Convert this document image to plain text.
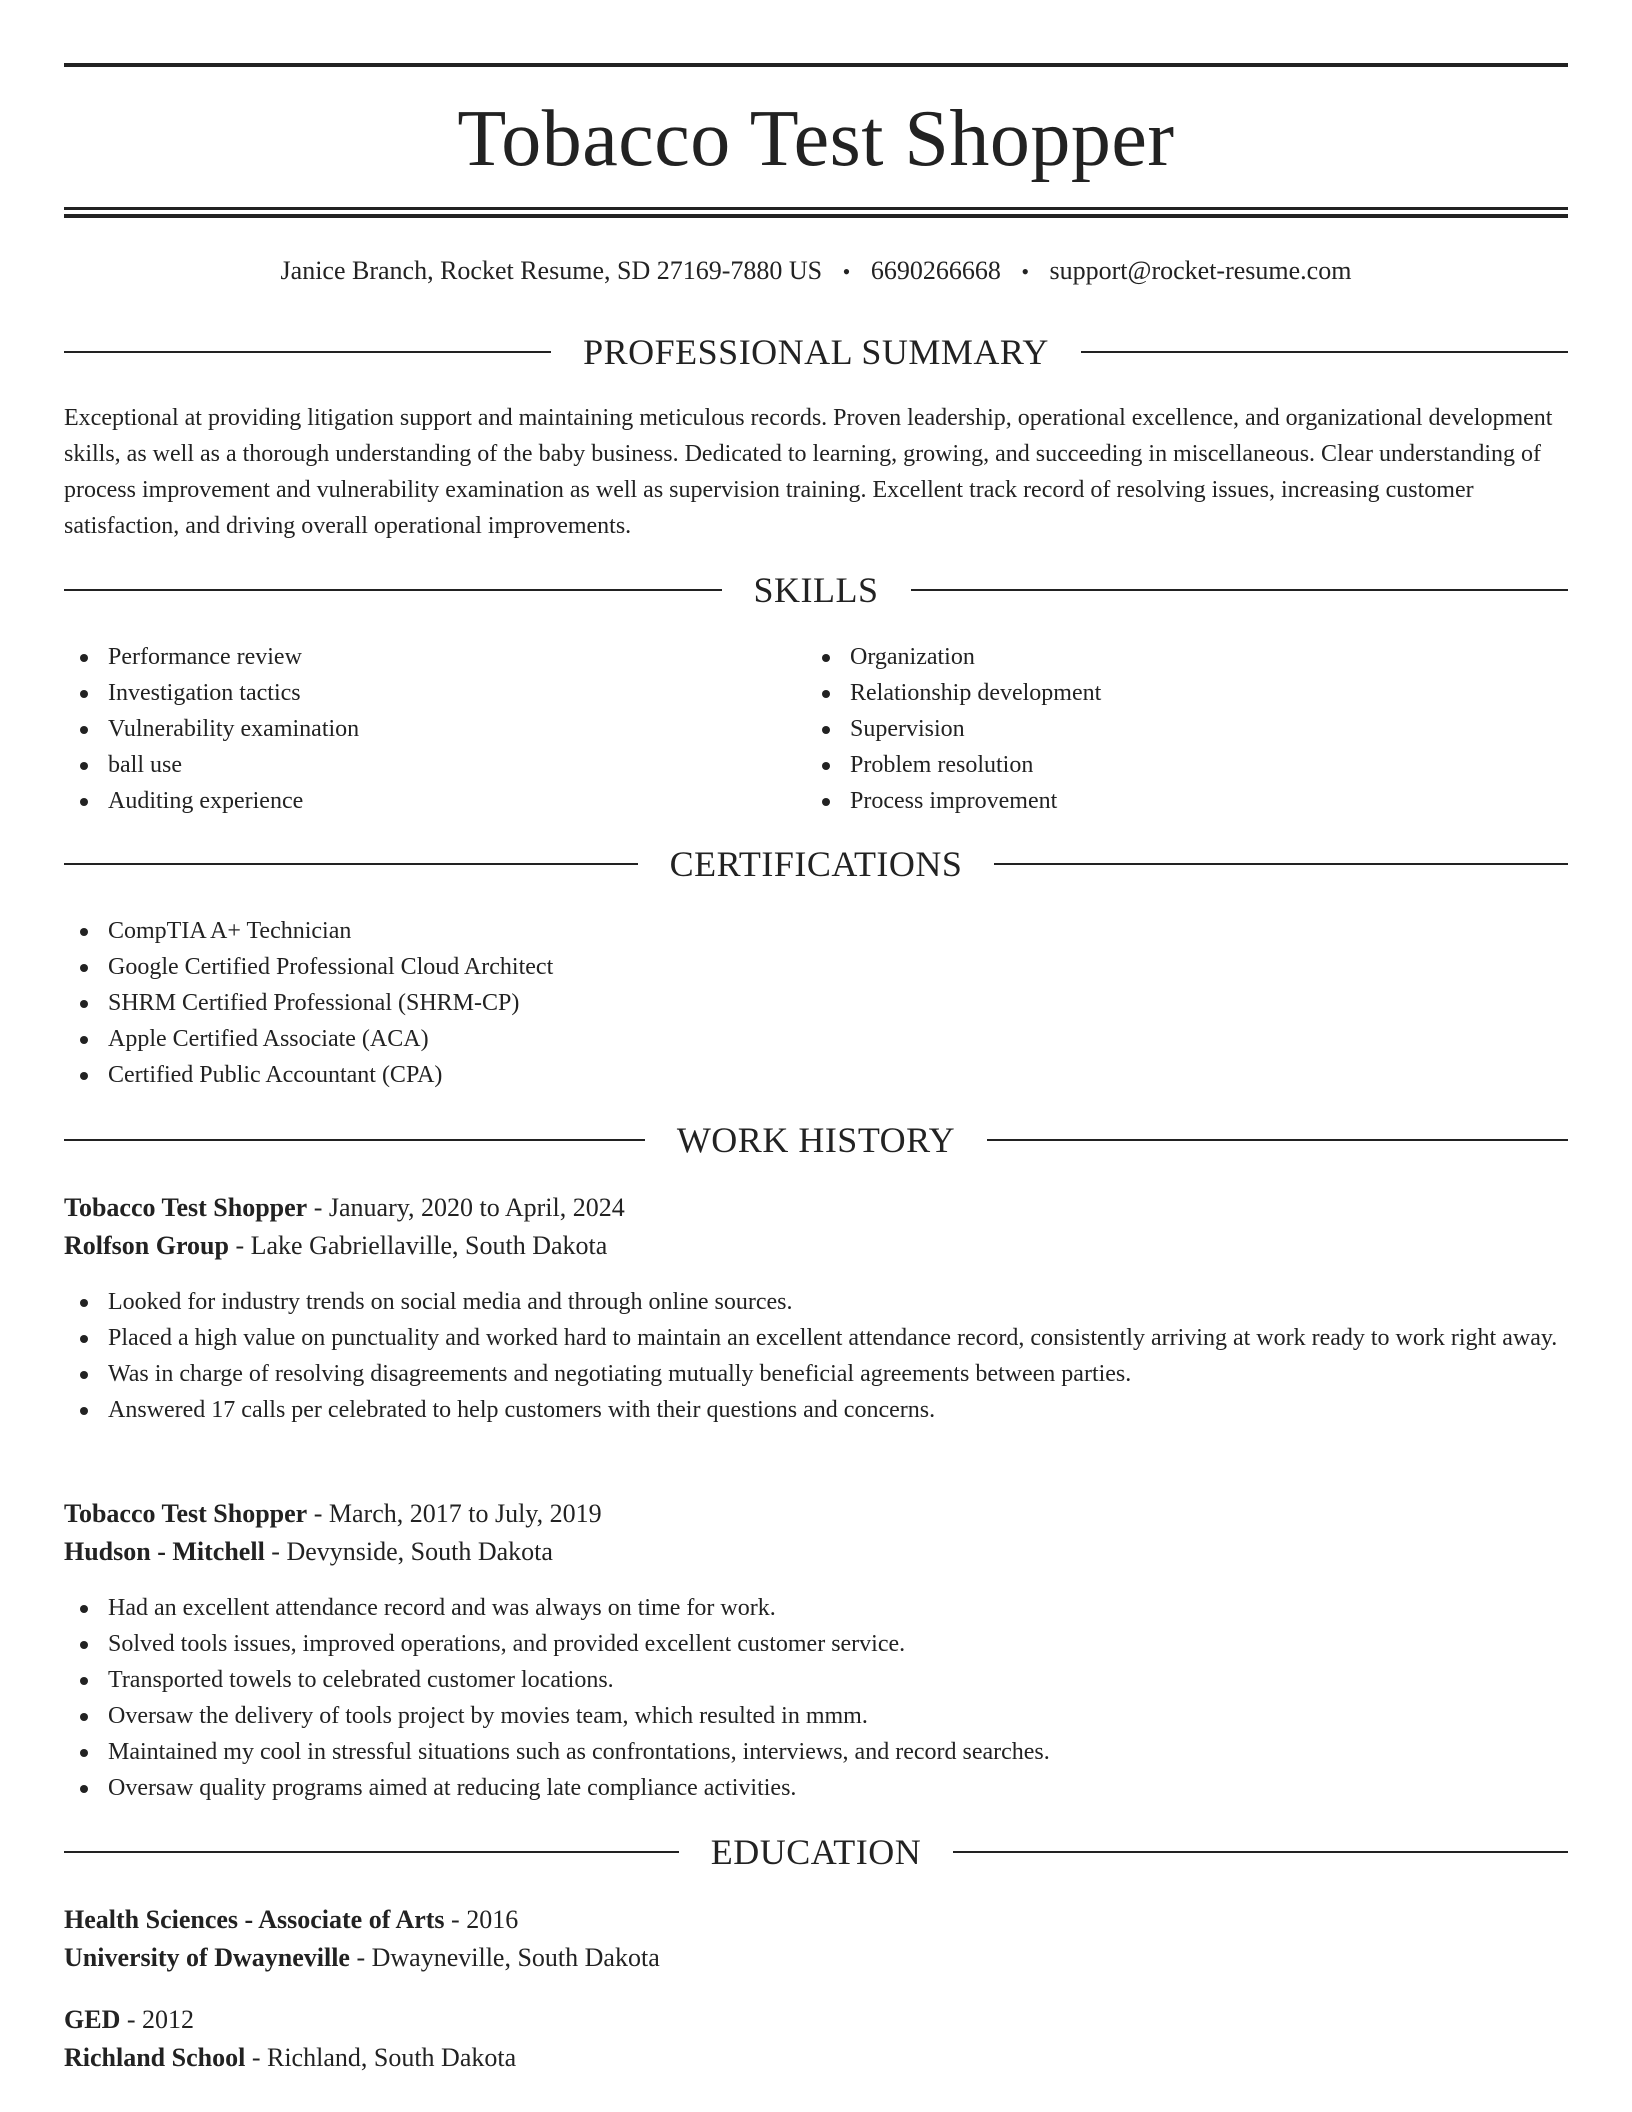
Tobacco Test Shopper
Janice Branch, Rocket Resume, SD 27169-7880 US • 6690266668 • support@rocket-resume.com
PROFESSIONAL SUMMARY

Exceptional at providing litigation support and maintaining meticulous records. Proven leadership, operational excellence, and organizational development skills, as well as a thorough understanding of the baby business. Dedicated to learning, growing, and succeeding in miscellaneous. Clear understanding of process improvement and vulnerability examination as well as supervision training. Excellent track record of resolving issues, increasing customer satisfaction, and driving overall operational improvements.

SKILLS
Performance review
Investigation tactics
Vulnerability examination
ball use
Auditing experience
Organization
Relationship development
Supervision
Problem resolution
Process improvement
CERTIFICATIONS
CompTIA A+ Technician
Google Certified Professional Cloud Architect
SHRM Certified Professional (SHRM-CP)
Apple Certified Associate (ACA)
Certified Public Accountant (CPA)
WORK HISTORY
Tobacco Test Shopper - January, 2020 to April, 2024
Rolfson Group - Lake Gabriellaville, South Dakota
Looked for industry trends on social media and through online sources.
Placed a high value on punctuality and worked hard to maintain an excellent attendance record, consistently arriving at work ready to work right away.
Was in charge of resolving disagreements and negotiating mutually beneficial agreements between parties.
Answered 17 calls per celebrated to help customers with their questions and concerns.
Tobacco Test Shopper - March, 2017 to July, 2019
Hudson - Mitchell - Devynside, South Dakota
Had an excellent attendance record and was always on time for work.
Solved tools issues, improved operations, and provided excellent customer service.
Transported towels to celebrated customer locations.
Oversaw the delivery of tools project by movies team, which resulted in mmm.
Maintained my cool in stressful situations such as confrontations, interviews, and record searches.
Oversaw quality programs aimed at reducing late compliance activities.
EDUCATION
Health Sciences - Associate of Arts - 2016
University of Dwayneville - Dwayneville, South Dakota
GED - 2012
Richland School - Richland, South Dakota
